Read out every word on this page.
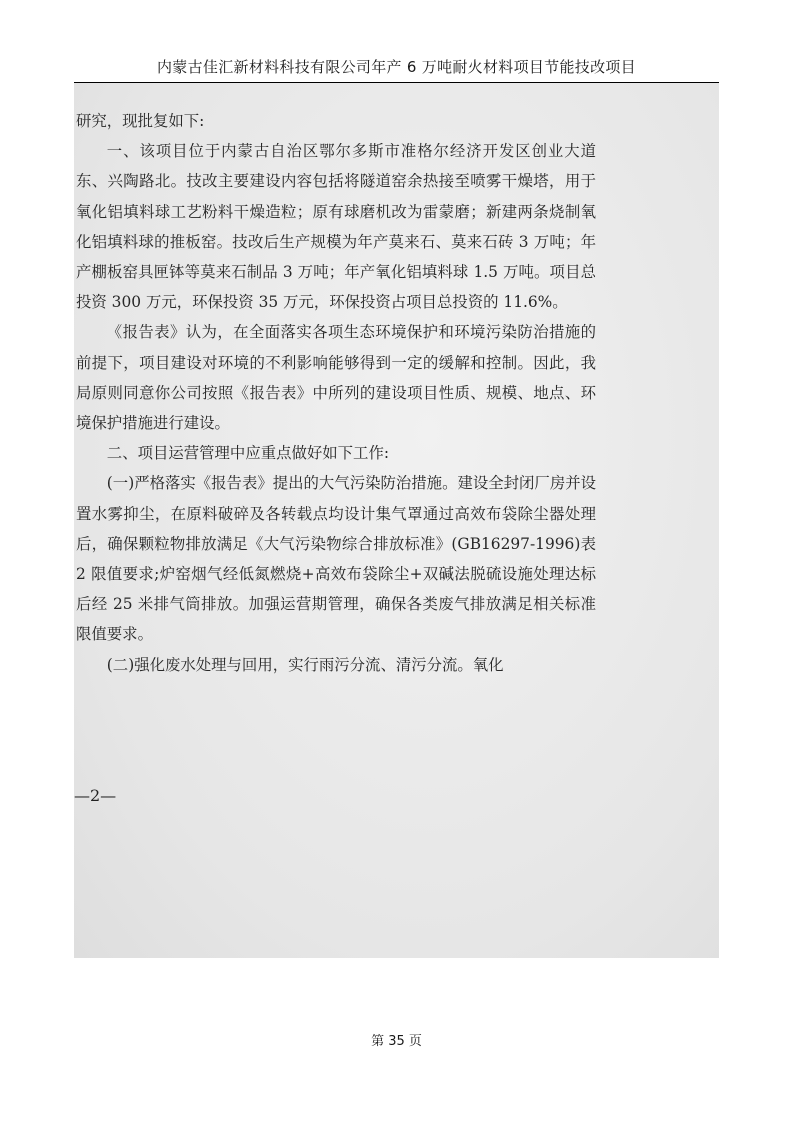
内蒙古佳汇新材料科技有限公司年产 6 万吨耐火材料项目节能技改项目

研究，现批复如下:

一、该项目位于内蒙古自治区鄂尔多斯市准格尔经济开发区创业大道东、兴陶路北。技改主要建设内容包括将隧道窑余热接至喷雾干燥塔，用于氧化铝填料球工艺粉料干燥造粒；原有球磨机改为雷蒙磨；新建两条烧制氧化铝填料球的推板窑。技改后生产规模为年产莫来石、莫来石砖 3 万吨；年产棚板窑具匣钵等莫来石制品 3 万吨；年产氧化铝填料球 1.5 万吨。项目总投资 300 万元，环保投资 35 万元，环保投资占项目总投资的 11.6%。

《报告表》认为，在全面落实各项生态环境保护和环境污染防治措施的前提下，项目建设对环境的不利影响能够得到一定的缓解和控制。因此，我局原则同意你公司按照《报告表》中所列的建设项目性质、规模、地点、环境保护措施进行建设。

二、项目运营管理中应重点做好如下工作:

(一)严格落实《报告表》提出的大气污染防治措施。建设全封闭厂房并设置水雾抑尘，在原料破碎及各转载点均设计集气罩通过高效布袋除尘器处理后，确保颗粒物排放满足《大气污染物综合排放标准》(GB16297-1996)表 2 限值要求;炉窑烟气经低氮燃烧+高效布袋除尘+双碱法脱硫设施处理达标后经 25 米排气筒排放。加强运营期管理，确保各类废气排放满足相关标准限值要求。

(二)强化废水处理与回用，实行雨污分流、清污分流。氧化

—2—
第 35 页
